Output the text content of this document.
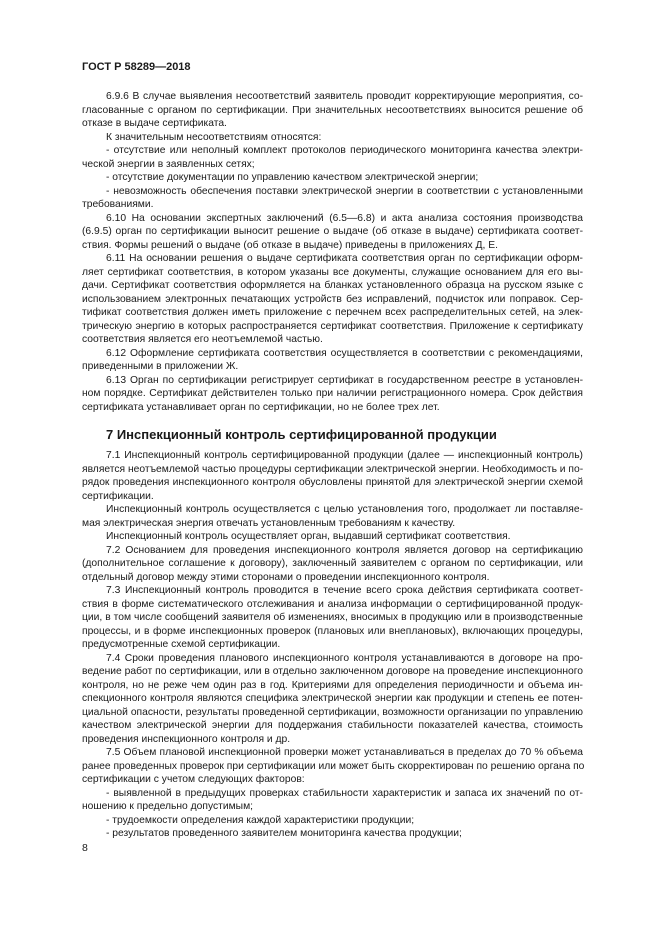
ГОСТ Р 58289—2018
6.9.6 В случае выявления несоответствий заявитель проводит корректирующие мероприятия, со-
гласованные с органом по сертификации. При значительных несоответствиях выносится решение об
отказе в выдаче сертификата.
К значительным несоответствиям относятся:
- отсутствие или неполный комплект протоколов периодического мониторинга качества электри-
ческой энергии в заявленных сетях;
- отсутствие документации по управлению качеством электрической энергии;
- невозможность обеспечения поставки электрической энергии в соответствии с установленными
требованиями.
6.10 На основании экспертных заключений (6.5—6.8) и акта анализа состояния производства
(6.9.5) орган по сертификации выносит решение о выдаче (об отказе в выдаче) сертификата соответ-
ствия. Формы решений о выдаче (об отказе в выдаче) приведены в приложениях Д, Е.
6.11 На основании решения о выдаче сертификата соответствия орган по сертификации оформ-
ляет сертификат соответствия, в котором указаны все документы, служащие основанием для его вы-
дачи. Сертификат соответствия оформляется на бланках установленного образца на русском языке с
использованием электронных печатающих устройств без исправлений, подчисток или поправок. Сер-
тификат соответствия должен иметь приложение с перечнем всех распределительных сетей, на элек-
трическую энергию в которых распространяется сертификат соответствия. Приложение к сертификату
соответствия является его неотъемлемой частью.
6.12 Оформление сертификата соответствия осуществляется в соответствии с рекомендациями,
приведенными в приложении Ж.
6.13 Орган по сертификации регистрирует сертификат в государственном реестре в установлен-
ном порядке. Сертификат действителен только при наличии регистрационного номера. Срок действия
сертификата устанавливает орган по сертификации, но не более трех лет.
7 Инспекционный контроль сертифицированной продукции
7.1 Инспекционный контроль сертифицированной продукции (далее — инспекционный контроль)
является неотъемлемой частью процедуры сертификации электрической энергии. Необходимость и по-
рядок проведения инспекционного контроля обусловлены принятой для электрической энергии схемой
сертификации.
Инспекционный контроль осуществляется с целью установления того, продолжает ли поставляе-
мая электрическая энергия отвечать установленным требованиям к качеству.
Инспекционный контроль осуществляет орган, выдавший сертификат соответствия.
7.2 Основанием для проведения инспекционного контроля является договор на сертификацию
(дополнительное соглашение к договору), заключенный заявителем с органом по сертификации, или
отдельный договор между этими сторонами о проведении инспекционного контроля.
7.3 Инспекционный контроль проводится в течение всего срока действия сертификата соответ-
ствия в форме систематического отслеживания и анализа информации о сертифицированной продук-
ции, в том числе сообщений заявителя об изменениях, вносимых в продукцию или в производственные
процессы, и в форме инспекционных проверок (плановых или внеплановых), включающих процедуры,
предусмотренные схемой сертификации.
7.4 Сроки проведения планового инспекционного контроля устанавливаются в договоре на про-
ведение работ по сертификации, или в отдельно заключенном договоре на проведение инспекционного
контроля, но не реже чем один раз в год. Критериями для определения периодичности и объема ин-
спекционного контроля являются специфика электрической энергии как продукции и степень ее потен-
циальной опасности, результаты проведенной сертификации, возможности организации по управлению
качеством электрической энергии для поддержания стабильности показателей качества, стоимость
проведения инспекционного контроля и др.
7.5 Объем плановой инспекционной проверки может устанавливаться в пределах до 70 % объема
ранее проведенных проверок при сертификации или может быть скорректирован по решению органа по
сертификации с учетом следующих факторов:
- выявленной в предыдущих проверках стабильности характеристик и запаса их значений по от-
ношению к предельно допустимым;
- трудоемкости определения каждой характеристики продукции;
- результатов проведенного заявителем мониторинга качества продукции;
8
